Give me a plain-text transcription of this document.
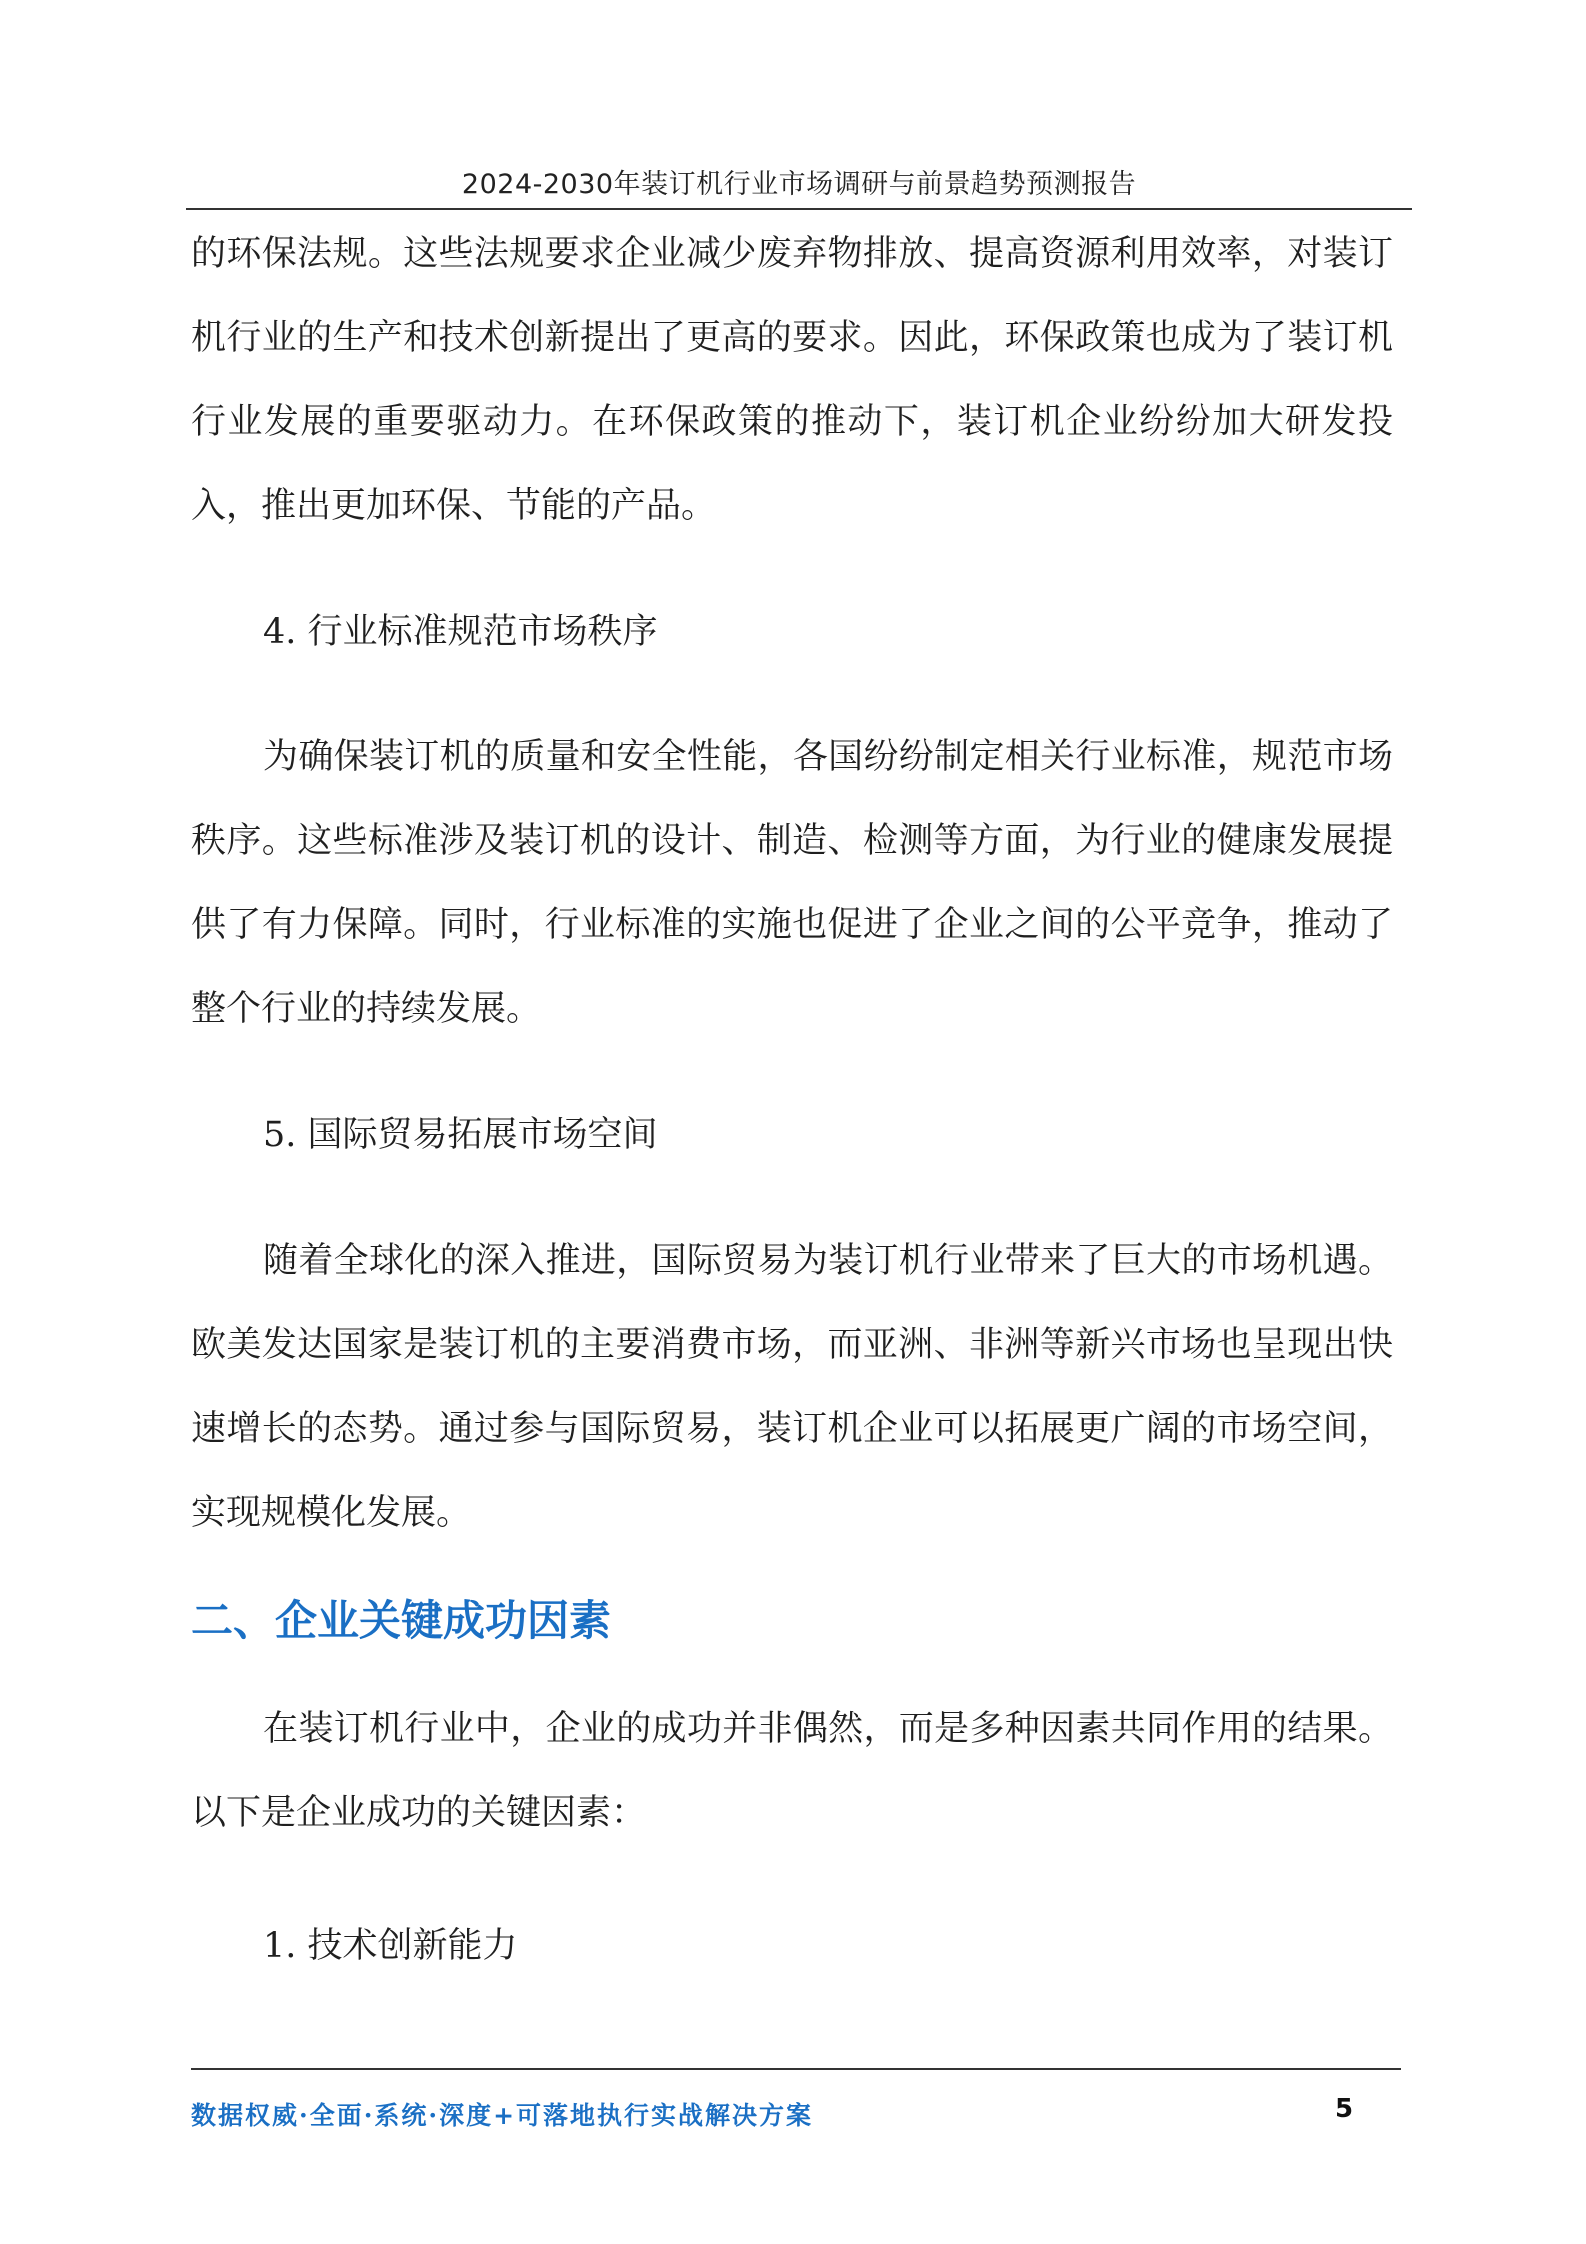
2024-2030年装订机行业市场调研与前景趋势预测报告

的环保法规。这些法规要求企业减少废弃物排放、提高资源利用效率，对装订机行业的生产和技术创新提出了更高的要求。因此，环保政策也成为了装订机行业发展的重要驱动力。在环保政策的推动下，装订机企业纷纷加大研发投入，推出更加环保、节能的产品。

4. 行业标准规范市场秩序

为确保装订机的质量和安全性能，各国纷纷制定相关行业标准，规范市场秩序。这些标准涉及装订机的设计、制造、检测等方面，为行业的健康发展提供了有力保障。同时，行业标准的实施也促进了企业之间的公平竞争，推动了整个行业的持续发展。

5. 国际贸易拓展市场空间

随着全球化的深入推进，国际贸易为装订机行业带来了巨大的市场机遇。欧美发达国家是装订机的主要消费市场，而亚洲、非洲等新兴市场也呈现出快速增长的态势。通过参与国际贸易，装订机企业可以拓展更广阔的市场空间，实现规模化发展。

二、企业关键成功因素

在装订机行业中，企业的成功并非偶然，而是多种因素共同作用的结果。以下是企业成功的关键因素：

1. 技术创新能力

数据权威·全面·系统·深度+可落地执行实战解决方案	5
